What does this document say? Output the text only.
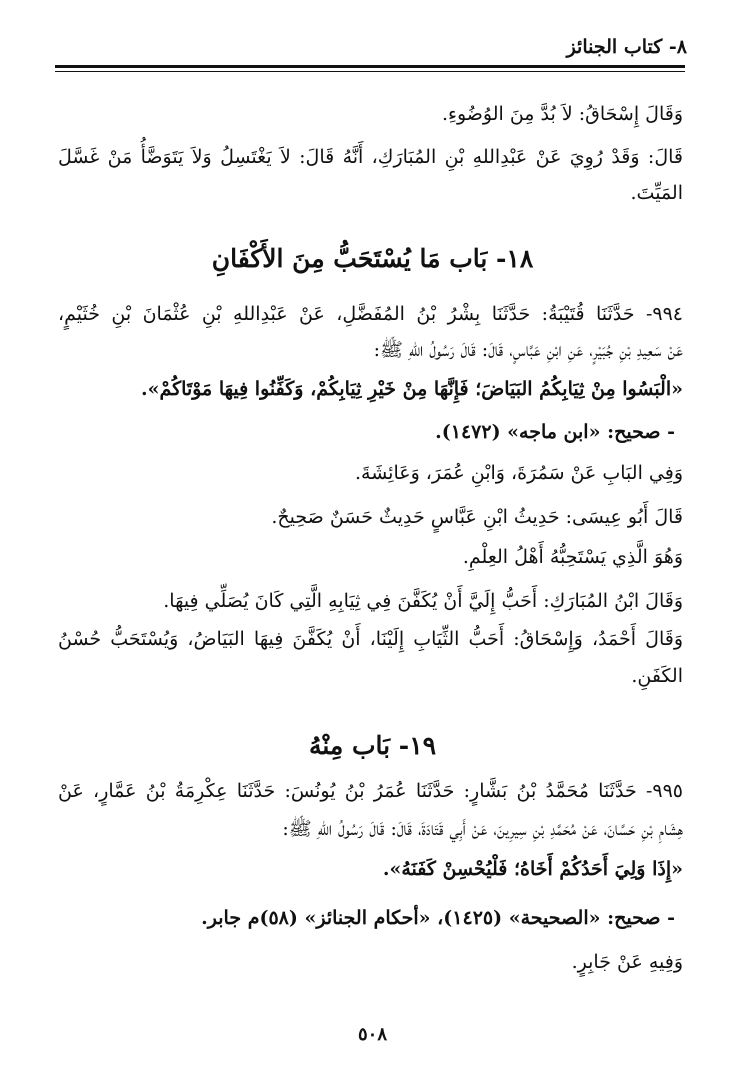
٨- كتاب الجنائز
وَقَالَ إِسْحَاقُ: لاَ بُدَّ مِنَ الوُضُوءِ.
قَالَ: وَقَدْ رُوِيَ عَنْ عَبْدِاللهِ بْنِ المُبَارَكِ، أَنَّهُ قَالَ: لاَ يَغْتَسِلُ وَلاَ يَتَوَضَّأُ مَنْ غَسَّلَ
المَيِّتَ.
١٨- بَاب مَا يُسْتَحَبُّ مِنَ الأَكْفَانِ
٩٩٤- حَدَّثَنَا قُتَيْبَةُ: حَدَّثَنَا بِشْرُ بْنُ المُفَضَّلِ، عَنْ عَبْدِاللهِ بْنِ عُثْمَانَ بْنِ خُثَيْمٍ،
عَنْ سَعِيدِ بْنِ جُبَيْرٍ، عَنِ ابْنِ عَبَّاسٍ، قَالَ: قَالَ رَسُولُ اللهِ ﷺ:
«الْبَسُوا مِنْ ثِيَابِكُمُ البَيَاضَ؛ فَإِنَّهَا مِنْ خَيْرِ ثِيَابِكُمْ، وَكَفِّنُوا فِيهَا مَوْتَاكُمْ».
- صحيح: «ابن ماجه» (١٤٧٢).
وَفِي البَابِ عَنْ سَمُرَةَ، وَابْنِ عُمَرَ، وَعَائِشَةَ.
قَالَ أَبُو عِيسَى: حَدِيثُ ابْنِ عَبَّاسٍ حَدِيثٌ حَسَنٌ صَحِيحٌ.
وَهُوَ الَّذِي يَسْتَحِبُّهُ أَهْلُ العِلْمِ.
وَقَالَ ابْنُ المُبَارَكِ: أَحَبُّ إِلَيَّ أَنْ يُكَفَّنَ فِي ثِيَابِهِ الَّتِي كَانَ يُصَلِّي فِيهَا.
وَقَالَ أَحْمَدُ، وَإِسْحَاقُ: أَحَبُّ الثِّيَابِ إِلَيْنَا، أَنْ يُكَفَّنَ فِيهَا البَيَاضُ، وَيُسْتَحَبُّ حُسْنُ
الكَفَنِ.
١٩- بَاب مِنْهُ
٩٩٥- حَدَّثَنَا مُحَمَّدُ بْنُ بَشَّارٍ: حَدَّثَنَا عُمَرُ بْنُ يُونُسَ: حَدَّثَنَا عِكْرِمَةُ بْنُ عَمَّارٍ، عَنْ
هِشَامِ بْنِ حَسَّانَ، عَنْ مُحَمَّدِ بْنِ سِيرِينَ، عَنْ أَبِي قَتَادَةَ، قَالَ: قَالَ رَسُولُ اللهِ ﷺ:
«إِذَا وَلِيَ أَحَدُكُمْ أَخَاهُ؛ فَلْيُحْسِنْ كَفَنَهُ».
- صحيح: «الصحيحة» (١٤٢٥)، «أحكام الجنائز» (٥٨)م جابر.
وَفِيهِ عَنْ جَابِرٍ.
٥٠٨
